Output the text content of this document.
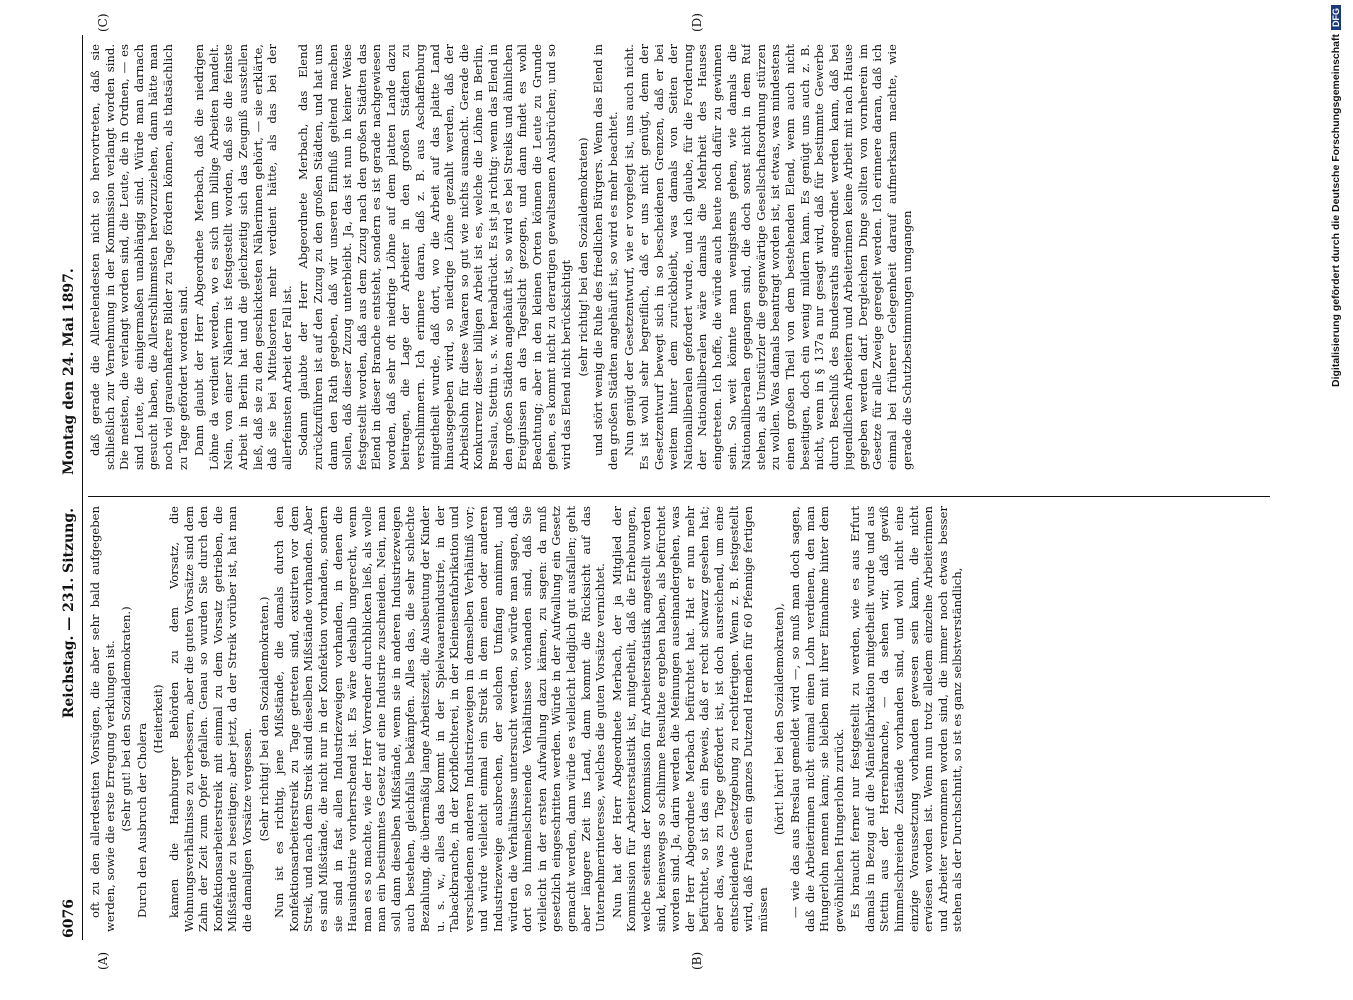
6076
Reichstag. — 231. Sitzung.
Montag den 24. Mai 1897.
(A)	(B)
(C)	(D)

oft zu den allerdestiten Vorsügen, die aber sehr bald aufgegeben werden, sowie die erste Erregung verklungen ist. (Sehr gut! bei den Sozialdemokraten.) Durch den Ausbruch der Cholera

(Heiterkeit) kamen die Hamburger Behörden zu dem Vorsatz, die Wohnungsverhältnisse zu verbessern, aber die guten Vorsätze sind dem Zahn der Zeit zum Opfer gefallen. Genau so wurden Sie durch den Konfektionsarbeiterstreik mit einmal zu dem Vorsatz getrieben, die Mißstände zu beseitigen; aber jetzt, da der Streik vorüber ist, hat man die damaligen Vorsätze vergessen. (Sehr richtig! bei den Sozialdemokraten.) Nun ist es richtig, jene Mißstände, die damals durch den Konfektionsarbeiterstreik zu Tage getreten sind, existirten vor dem Streik, und nach dem Streik sind dieselben Mißstände vorhanden. Aber es sind Mißstände, die nicht nur in der Konfektion vorhanden, sondern sie sind in fast allen Industriezweigen vorhanden, in denen die Hausindustrie vorherrschend ist. Es wäre deshalb ungerecht, wenn man es so machte, wie der Herr Vorredner durchblicken ließ, als wolle man ein bestimmtes Gesetz auf eine Industrie zuschneiden. Nein, man soll dann dieselben Mißstände, wenn sie in anderen Industriezweigen auch bestehen, gleichfalls bekämpfen. Alles das, die sehr schlechte Bezahlung, die übermäßig lange Arbeitszeit, die Ausbeutung der Kinder u. s. w., alles das kommt in der Spielwaarenindustrie, in der Tabackbranche, in der Korbflechterei, in der Kleineisenfabrikation und verschiedenen anderen Industriezweigen in demselben Verhältniß vor; und würde vielleicht einmal ein Streik in dem einen oder anderen Industriezweige ausbrechen, der solchen Umfang annimmt, und würden die Verhältnisse untersucht werden, so würde man sagen, daß dort so himmelschreiende Verhältnisse vorhanden sind, daß Sie vielleicht in der ersten Aufwallung dazu kämen, zu sagen: da muß gesetzlich eingeschritten werden. Würde in der Aufwallung ein Gesetz gemacht werden, dann würde es vielleicht lediglich gut ausfallen; geht aber längere Zeit ins Land, dann kommt die Rücksicht auf das Unternehmerinteresse, welches die guten Vorsätze vernichtet. Nun hat der Herr Abgeordnete Merbach, der ja Mitglied der Kommission für Arbeiterstatistik ist, mitgetheilt, daß die Erhebungen, welche seitens der Kommission für Arbeiterstatistik angestellt worden sind, keineswegs so schlimme Resultate ergeben haben, als befürchtet worden sind. Ja, darin werden die Meinungen auseinandergehen, was der Herr Abgeordnete Merbach befürchtet hat. Hat er nun mehr befürchtet, so ist das ein Beweis, daß er recht schwarz gesehen hat; aber das, was zu Tage gefördert ist, ist doch ausreichend, um eine entscheidende Gesetzgebung zu rechtfertigen. Wenn z. B. festgestellt wird, daß Frauen ein ganzes Dutzend Hemden für 60 Pfennige fertigen müssen

(hört! hört! bei den Sozialdemokraten), — wie das aus Breslau gemeldet wird —, so muß man doch sagen, daß die Arbeiterinnen nicht einmal einen Lohn verdienen, den man Hungerlohn nennen kann; sie bleiben mit ihrer Einnahme hinter dem gewöhnlichen Hungerlohn zurück. Es braucht ferner nur festgestellt zu werden, wie es aus Erfurt damals in Bezug auf die Mäntelfabrikation mitgetheilt wurde und aus Stettin aus der Herrenbranche, — da sehen wir, daß gewiß himmelschreiende Zustände vorhanden sind, und wohl nicht eine einzige Voraussetzung vorhanden gewesen sein kann, die nicht erwiesen worden ist. Wenn nun trotz alledem einzelne Arbeiterinnen und Arbeiter vernommen worden sind, die immer noch etwas besser stehen als der Durchschnitt, so ist es ganz selbstverständlich,

daß gerade die Allerelendesten nicht so hervortreten, daß sie schließlich zur Vernehmung in der Kommission verlangt worden sind. Die meisten, die verlangt worden sind, die Leute, die in Ordnen, — es sind Leute, die einigermaßen unabhängig sind. Würde man darnach gesucht haben, die Allerschlimmsten hervorzuziehen, dann hätte man noch viel grauenhaftere Bilder zu Tage fördern können, als thatsächlich zu Tage gefördert worden sind. Dann glaubt der Herr Abgeordnete Merbach, daß die niedrigen Löhne da verdient werden, wo es sich um billige Arbeiten handelt. Nein, von einer Näherin ist festgestellt worden, daß sie die feinste Arbeit in Berlin hat und die gleichzeitig sich das Zeugniß ausstellen ließ, daß sie zu den geschicktesten Näherinnen gehört, — sie erklärte, daß sie bei Mittelsorten mehr verdient hätte, als das bei der allerfeinsten Arbeit der Fall ist. Sodann glaubte der Herr Abgeordnete Merbach, das Elend zurückzuführen ist auf den Zuzug zu den großen Städten, und hat uns dann den Rath gegeben, daß wir unseren Einfluß geltend machen sollen, daß dieser Zuzug unterbleibt. Ja, das ist nun in keiner Weise festgestellt worden, daß aus dem Zuzug nach den großen Städten das Elend in dieser Branche entsteht, sondern es ist gerade nachgewiesen worden, daß sehr oft niedrige Löhne auf dem platten Lande dazu beitragen, die Lage der Arbeiter in den großen Städten zu verschlimmern. Ich erinnere daran, daß z. B. aus Aschaffenburg mitgetheilt wurde, daß dort, wo die Arbeit auf das platte Land hinausgegeben wird, so niedrige Löhne gezahlt werden, daß der Arbeitslohn für diese Waaren so gut wie nichts ausmacht. Gerade die Konkurrenz dieser billigen Arbeit ist es, welche die Löhne in Berlin, Breslau, Stettin u. s. w. herabdrückt. Es ist ja richtig: wenn das Elend in den großen Städten angehäuft ist, so wird es bei Streiks und ähnlichen Ereignissen an das Tageslicht gezogen, und dann findet es wohl Beachtung; aber in den kleinen Orten können die Leute zu Grunde gehen, es kommt nicht zu derartigen gewaltsamen Ausbrüchen; und so wird das Elend nicht berücksichtigt (sehr richtig! bei den Sozialdemokraten) und stört wenig die Ruhe des friedlichen Bürgers. Wenn das Elend in den großen Städten angehäuft ist, so wird es mehr beachtet. Nun genügt der Gesetzentwurf, wie er vorgelegt ist, uns auch nicht. Es ist wohl sehr begreiflich, daß er uns nicht genügt, denn der Gesetzentwurf bewegt sich in so bescheidenen Grenzen, daß er bei weitem hinter dem zurückbleibt, was damals von Seiten der Nationalliberalen gefordert wurde, und ich glaube, für die Forderung der Nationalliberalen wäre damals die Mehrheit des Hauses eingetreten. Ich hoffe, die würde auch heute noch dafür zu gewinnen sein. So weit könnte man wenigstens gehen, wie damals die Nationalliberalen gegangen sind, die doch sonst nicht in dem Ruf stehen, als Umstürzler die gegenwärtige Gesellschaftsordnung stürzen zu wollen. Was damals beantragt worden ist, ist etwas, was mindestens einen großen Theil von dem bestehenden Elend, wenn auch nicht beseitigen, doch ein wenig mildern kann. Es genügt uns auch z. B. nicht, wenn in § 137a nur gesagt wird, daß für bestimmte Gewerbe durch Beschluß des Bundesraths angeordnet werden kann, daß bei jugendlichen Arbeitern und Arbeiterinnen keine Arbeit mit nach Hause gegeben werden darf. Dergleichen Dinge sollten von vornherein im Gesetze für alle Zweige geregelt werden. Ich erinnere daran, daß ich einmal bei früherer Gelegenheit darauf aufmerksam machte, wie gerade die Schutzbestimmungen umgangen	Digitalisierung gefördert durch die Deutsche Forschungsgemeinschaft
DFG
